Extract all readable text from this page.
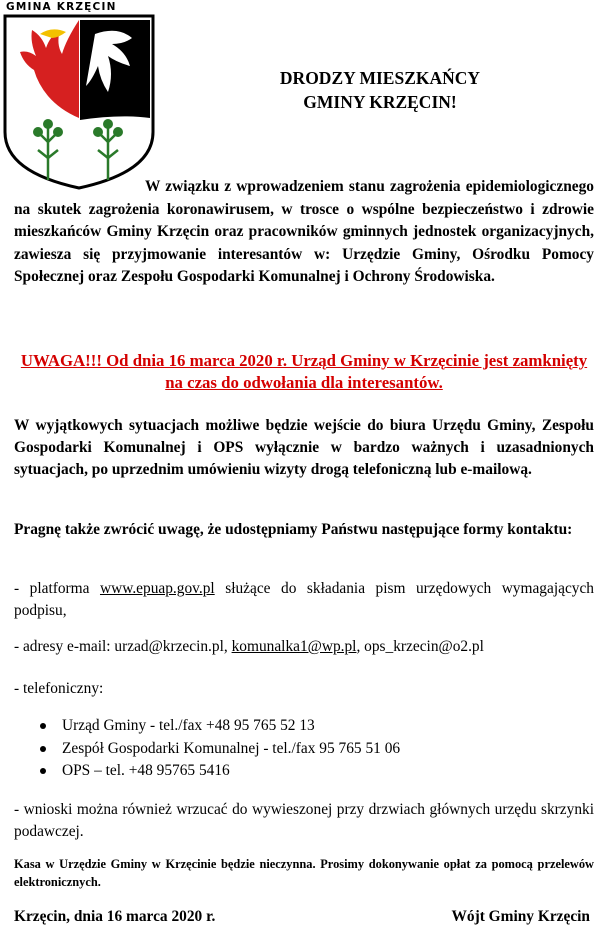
GMINA KRZĘCIN
DRODZY MIESZKAŃCY
GMINY KRZĘCIN!
W związku z wprowadzeniem stanu zagrożenia epidemiologicznego na skutek zagrożenia koronawirusem, w trosce o wspólne bezpieczeństwo i zdrowie mieszkańców Gminy Krzęcin oraz pracowników gminnych jednostek organizacyjnych, zawiesza się przyjmowanie interesantów w: Urzędzie Gminy, Ośrodku Pomocy Społecznej oraz Zespołu Gospodarki Komunalnej i Ochrony Środowiska.
UWAGA!!! Od dnia 16 marca 2020 r. Urząd Gminy w Krzęcinie jest zamknięty na czas do odwołania dla interesantów.
W wyjątkowych sytuacjach możliwe będzie wejście do biura Urzędu Gminy, Zespołu Gospodarki Komunalnej i OPS wyłącznie w bardzo ważnych i uzasadnionych sytuacjach, po uprzednim umówieniu wizyty drogą telefoniczną lub e-mailową.
Pragnę także zwrócić uwagę, że udostępniamy Państwu następujące formy kontaktu:
- platforma www.epuap.gov.pl służące do składania pism urzędowych wymagających podpisu,
- adresy e-mail: urzad@krzecin.pl, komunalka1@wp.pl, ops_krzecin@o2.pl
- telefoniczny:
Urząd Gminy - tel./fax +48 95 765 52 13
Zespół Gospodarki Komunalnej - tel./fax 95 765 51 06
OPS – tel. +48 95765 5416
- wnioski można również wrzucać do wywieszonej przy drzwiach głównych urzędu skrzynki podawczej.
Kasa w Urzędzie Gminy w Krzęcinie będzie nieczynna. Prosimy dokonywanie opłat za pomocą przelewów elektronicznych.
Krzęcin, dnia 16 marca 2020 r.	Wójt Gminy Krzęcin
